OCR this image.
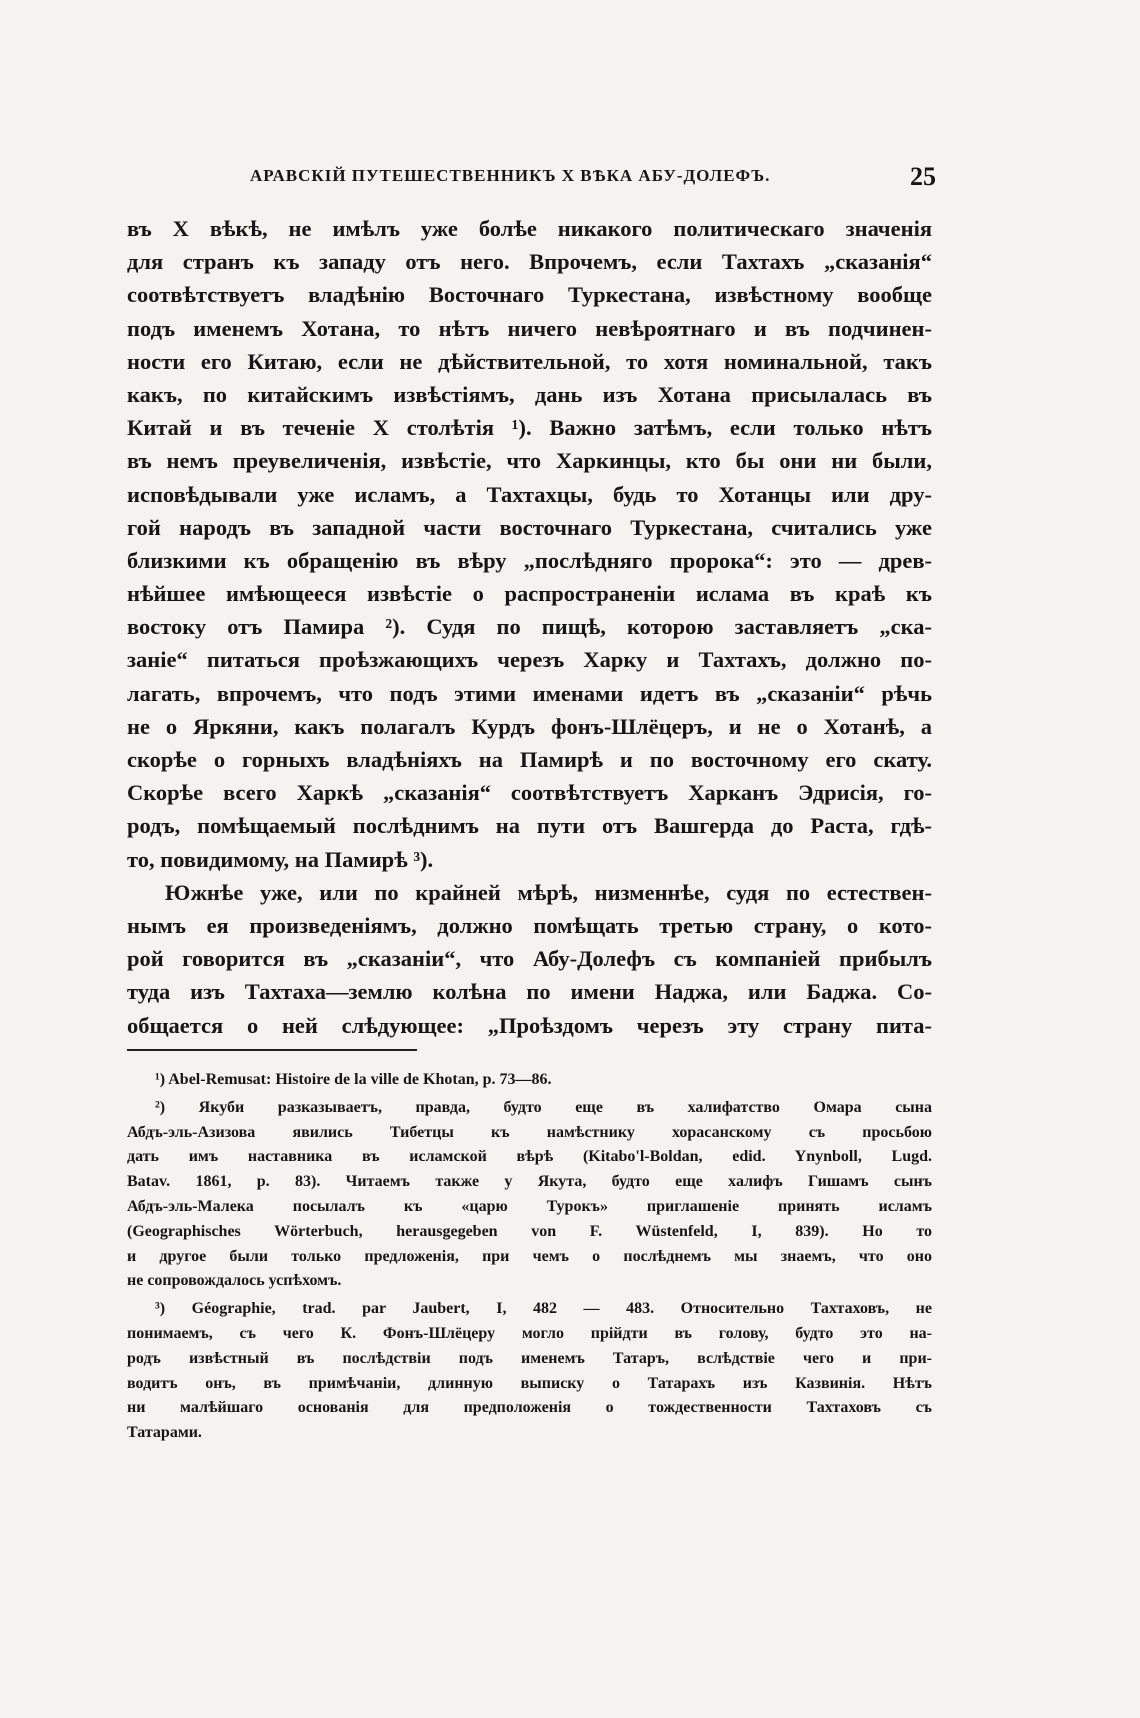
АРАВСКІЙ ПУТЕШЕСТВЕННИКЪ X ВѢКА АБУ-ДОЛЕФЪ.	25
въ X вѣкѣ, не имѣлъ уже болѣе никакого политическаго значенія
для странъ къ западу отъ него. Впрочемъ, если Тахтахъ „сказанія“
соотвѣтствуетъ владѣнію Восточнаго Туркестана, извѣстному вообще
подъ именемъ Хотана, то нѣтъ ничего невѣроятнаго и въ подчинен-
ности его Китаю, если не дѣйствительной, то хотя номинальной, такъ
какъ, по китайскимъ извѣстіямъ, дань изъ Хотана присылалась въ
Китай и въ теченіе X столѣтія ¹). Важно затѣмъ, если только нѣтъ
въ немъ преувеличенія, извѣстіе, что Харкинцы, кто бы они ни были,
исповѣдывали уже исламъ, а Тахтахцы, будь то Хотанцы или дру-
гой народъ въ западной части восточнаго Туркестана, считались уже
близкими къ обращенію въ вѣру „послѣдняго пророка“: это — древ-
нѣйшее имѣющееся извѣстіе о распространеніи ислама въ краѣ къ
востоку отъ Памира ²). Судя по пищѣ, которою заставляетъ „ска-
заніе“ питаться проѣзжающихъ черезъ Харку и Тахтахъ, должно по-
лагать, впрочемъ, что подъ этими именами идетъ въ „сказаніи“ рѣчь
не о Яркяни, какъ полагалъ Курдъ фонъ-Шлёцеръ, и не о Хотанѣ, а
скорѣе о горныхъ владѣніяхъ на Памирѣ и по восточному его скату.
Скорѣе всего Харкѣ „сказанія“ соотвѣтствуетъ Харканъ Эдрисія, го-
родъ, помѣщаемый послѣднимъ на пути отъ Вашгерда до Раста, гдѣ-
то, повидимому, на Памирѣ ³).
Южнѣе уже, или по крайней мѣрѣ, низменнѣе, судя по естествен-
нымъ ея произведеніямъ, должно помѣщать третью страну, о кото-
рой говорится въ „сказаніи“, что Абу-Долефъ съ компаніей прибылъ
туда изъ Тахтаха—землю колѣна по имени Наджа, или Баджа. Со-
общается о ней слѣдующее: „Проѣздомъ черезъ эту страну пита-
¹) Abel-Remusat: Histoire de la ville de Khotan, p. 73—86.
²) Якуби разказываетъ, правда, будто еще въ халифатство Омара сына
Абдъ-эль-Азизова явились Тибетцы къ намѣстнику хорасанскому съ просьбою
дать имъ наставника въ исламской вѣрѣ (Kitabo'l-Boldan, edid. Ynynboll, Lugd.
Batav. 1861, p. 83). Читаемъ также у Якута, будто еще халифъ Гишамъ сынъ
Абдъ-эль-Малека посылалъ къ «царю Турокъ» приглашеніе принять исламъ
(Geographisches Wörterbuch, herausgegeben von F. Wüstenfeld, I, 839). Но то
и другое были только предложенія, при чемъ о послѣднемъ мы знаемъ, что оно
не сопровождалось успѣхомъ.
³) Géographie, trad. par Jaubert, I, 482 — 483. Относительно Тахтаховъ, не
понимаемъ, съ чего К. Фонъ-Шлёцеру могло прійдти въ голову, будто это на-
родъ извѣстный въ послѣдствіи подъ именемъ Татаръ, вслѣдствіе чего и при-
водитъ онъ, въ примѣчаніи, длинную выписку о Татарахъ изъ Казвинія. Нѣтъ
ни малѣйшаго основанія для предположенія о тождественности Тахтаховъ съ
Татарами.
